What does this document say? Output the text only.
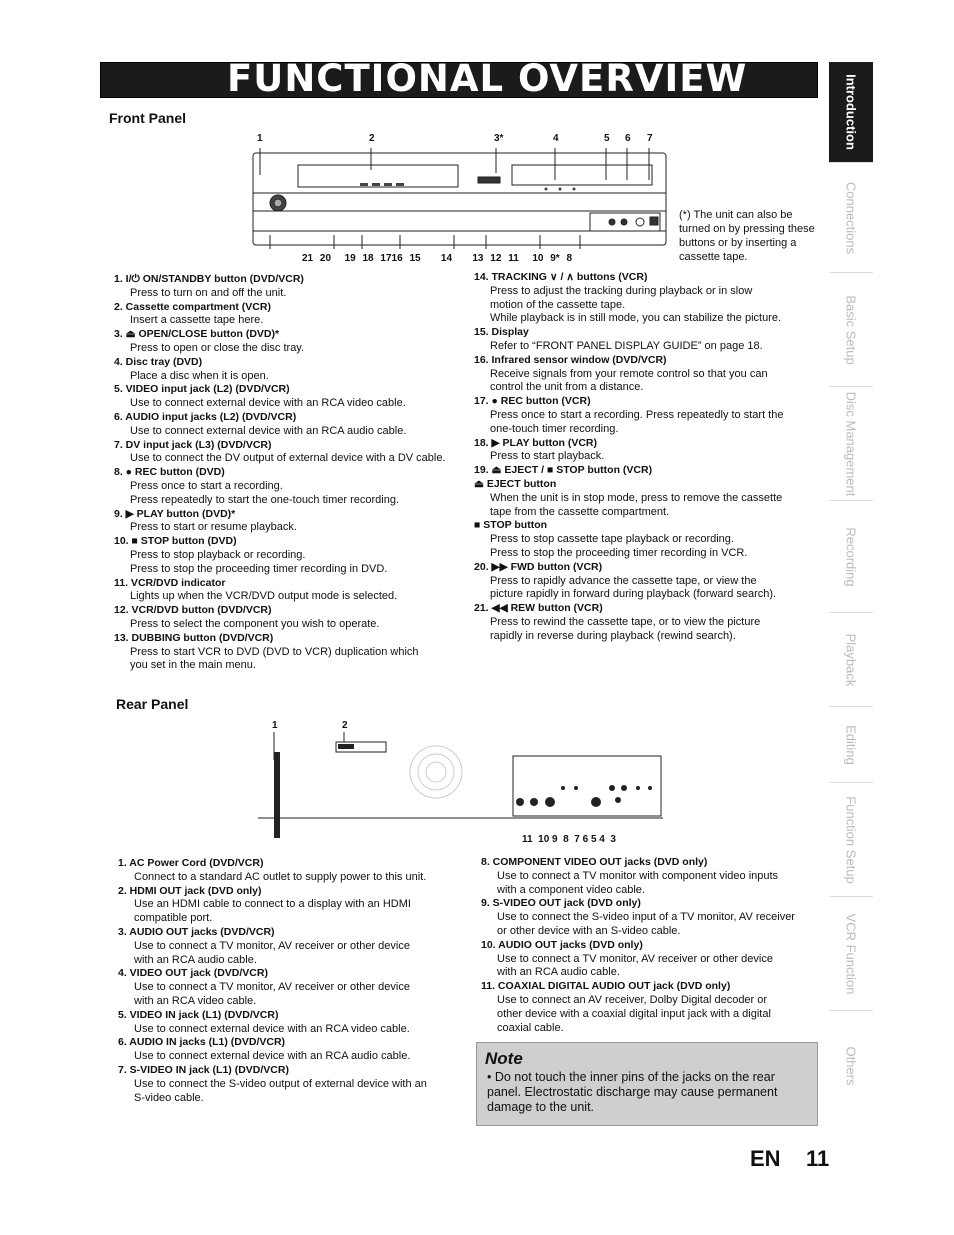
FUNCTIONAL OVERVIEW	Introduction
Connections
Basic Setup
Disc Management
Recording
Playback
Editing
Function Setup
VCR Function
Others
Front Panel
1	2	3*	4	5 6 7
21 20 19 18 1716 15 14 13 12 11 10 9* 8
(*) The unit can also be turned on by pressing these buttons or by inserting a cassette tape.
1. I/⏻ ON/STANDBY button (DVD/VCR)
Press to turn on and off the unit.
2. Cassette compartment (VCR)
Insert a cassette tape here.
3. ⏏ OPEN/CLOSE button (DVD)*
Press to open or close the disc tray.
4. Disc tray (DVD)
Place a disc when it is open.
5. VIDEO input jack (L2) (DVD/VCR)
Use to connect external device with an RCA video cable.
6. AUDIO input jacks (L2) (DVD/VCR)
Use to connect external device with an RCA audio cable.
7. DV input jack (L3) (DVD/VCR)
Use to connect the DV output of external device with a DV cable.
8. ● REC button (DVD)
Press once to start a recording.
Press repeatedly to start the one-touch timer recording.
9. ▶ PLAY button (DVD)*
Press to start or resume playback.
10. ■ STOP button (DVD)
Press to stop playback or recording.
Press to stop the proceeding timer recording in DVD.
11. VCR/DVD indicator
Lights up when the VCR/DVD output mode is selected.
12. VCR/DVD button (DVD/VCR)
Press to select the component you wish to operate.
13. DUBBING button (DVD/VCR)
Press to start VCR to DVD (DVD to VCR) duplication which
you set in the main menu.
14. TRACKING ∨ / ∧ buttons (VCR)
Press to adjust the tracking during playback or in slow
motion of the cassette tape.
While playback is in still mode, you can stabilize the picture.
15. Display
Refer to “FRONT PANEL DISPLAY GUIDE” on page 18.
16. Infrared sensor window (DVD/VCR)
Receive signals from your remote control so that you can
control the unit from a distance.
17. ● REC button (VCR)
Press once to start a recording. Press repeatedly to start the
one-touch timer recording.
18. ▶ PLAY button (VCR)
Press to start playback.
19. ⏏ EJECT / ■ STOP button (VCR)
⏏ EJECT button
When the unit is in stop mode, press to remove the cassette
tape from the cassette compartment.
■ STOP button
Press to stop cassette tape playback or recording.
Press to stop the proceeding timer recording in VCR.
20. ▶▶ FWD button (VCR)
Press to rapidly advance the cassette tape, or view the
picture rapidly in forward during playback (forward search).
21. ◀◀ REW button (VCR)
Press to rewind the cassette tape, or to view the picture
rapidly in reverse during playback (rewind search).
Rear Panel
1	2
11  10 9  8  7 6 5 4  3
1. AC Power Cord (DVD/VCR)
Connect to a standard AC outlet to supply power to this unit.
2. HDMI OUT jack (DVD only)
Use an HDMI cable to connect to a display with an HDMI
compatible port.
3. AUDIO OUT jacks (DVD/VCR)
Use to connect a TV monitor, AV receiver or other device
with an RCA audio cable.
4. VIDEO OUT jack (DVD/VCR)
Use to connect a TV monitor, AV receiver or other device
with an RCA video cable.
5. VIDEO IN jack (L1) (DVD/VCR)
Use to connect external device with an RCA video cable.
6. AUDIO IN jacks (L1) (DVD/VCR)
Use to connect external device with an RCA audio cable.
7. S-VIDEO IN jack (L1) (DVD/VCR)
Use to connect the S-video output of external device with an
S-video cable.
8. COMPONENT VIDEO OUT jacks (DVD only)
Use to connect a TV monitor with component video inputs
with a component video cable.
9. S-VIDEO OUT jack (DVD only)
Use to connect the S-video input of a TV monitor, AV receiver
or other device with an S-video cable.
10. AUDIO OUT jacks (DVD only)
Use to connect a TV monitor, AV receiver or other device
with an RCA audio cable.
11. COAXIAL DIGITAL AUDIO OUT jack (DVD only)
Use to connect an AV receiver, Dolby Digital decoder or
other device with a coaxial digital input jack with a digital
coaxial cable.
Note
• Do not touch the inner pins of the jacks on the rear panel. Electrostatic discharge may cause permanent damage to the unit.
EN 11
